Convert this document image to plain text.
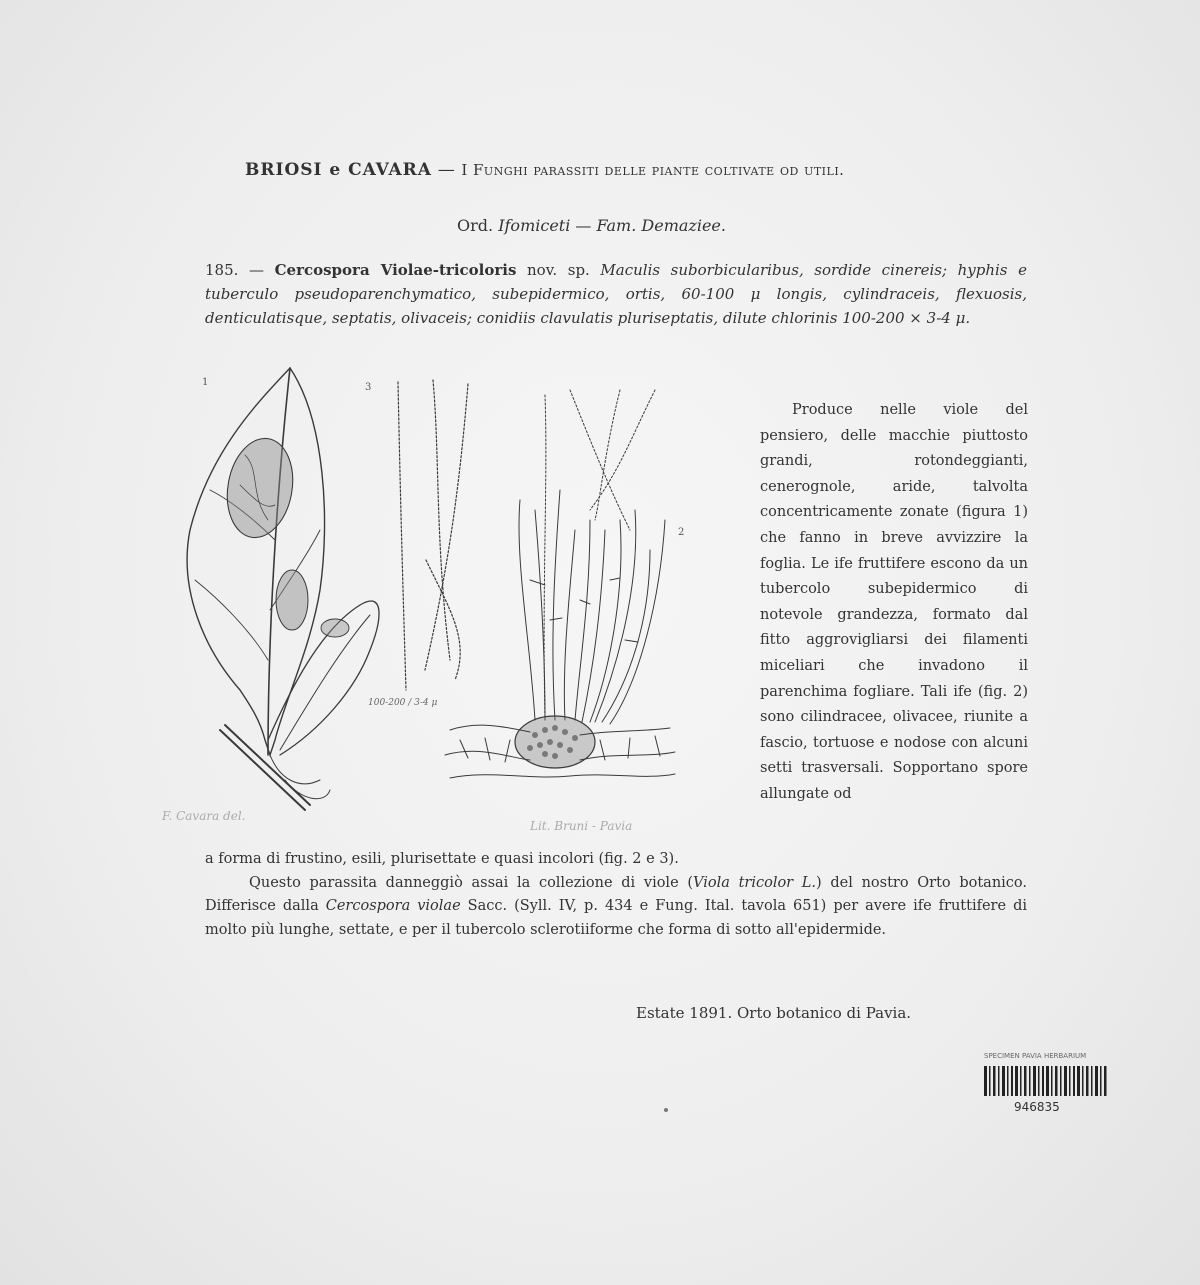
BRIOSI e CAVARA — I Funghi parassiti delle piante coltivate od utili.
Ord. Ifomiceti — Fam. Demaziee.
185. — Cercospora Violae-tricoloris nov. sp. Maculis suborbicularibus, sordide cinereis; hyphis e tuberculo pseudoparenchymatico, subepidermico, ortis, 60-100 μ longis, cylindraceis, flexuosis, denticulatisque, septatis, olivaceis; conidiis clavulatis pluriseptatis, dilute chlorinis 100-200 × 3-4 μ.
1	3
2
100-200 / 3-4 μ
F. Cavara del.
Lit. Bruni - Pavia
Produce nelle viole del pensiero, delle macchie piuttosto grandi, rotondeggianti, cenerognole, aride, talvolta concentricamente zonate (figura 1) che fanno in breve avvizzire la foglia. Le ife fruttifere escono da un tubercolo subepidermico di notevole grandezza, formato dal fitto aggrovigliarsi dei filamenti miceliari che invadono il parenchima fogliare. Tali ife (fig. 2) sono cilindracee, olivacee, riunite a fascio, tortuose e nodose con alcuni setti trasversali. Sopportano spore allungate od

a forma di frustino, esili, plurisettate e quasi incolori (fig. 2 e 3).

Questo parassita danneggiò assai la collezione di viole (Viola tricolor L.) del nostro Orto botanico. Differisce dalla Cercospora violae Sacc. (Syll. IV, p. 434 e Fung. Ital. tavola 651) per avere ife fruttifere di molto più lunghe, settate, e per il tubercolo sclerotiiforme che forma di sotto all'epidermide.

Estate 1891. Orto botanico di Pavia.
SPECIMEN PAVIA HERBARIUM
946835
